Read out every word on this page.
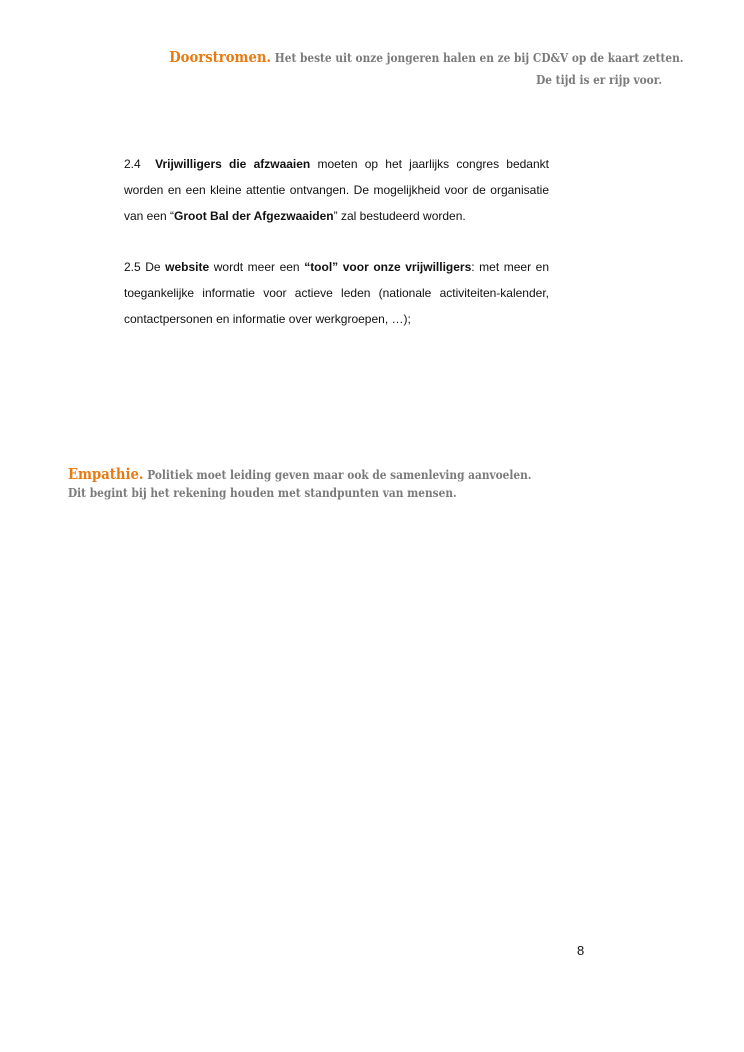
Doorstromen. Het beste uit onze jongeren halen en ze bij CD&V op de kaart zetten.
De tijd is er rijp voor.

2.4 Vrijwilligers die afzwaaien moeten op het jaarlijks congres bedankt worden en een kleine attentie ontvangen. De mogelijkheid voor de organisatie van een “Groot Bal der Afgezwaaiden” zal bestudeerd worden.

2.5 De website wordt meer een “tool” voor onze vrijwilligers: met meer en toegankelijke informatie voor actieve leden (nationale activiteiten-kalender, contactpersonen en informatie over werkgroepen, …);

Empathie. Politiek moet leiding geven maar ook de samenleving aanvoelen.
Dit begint bij het rekening houden met standpunten van mensen.
8
